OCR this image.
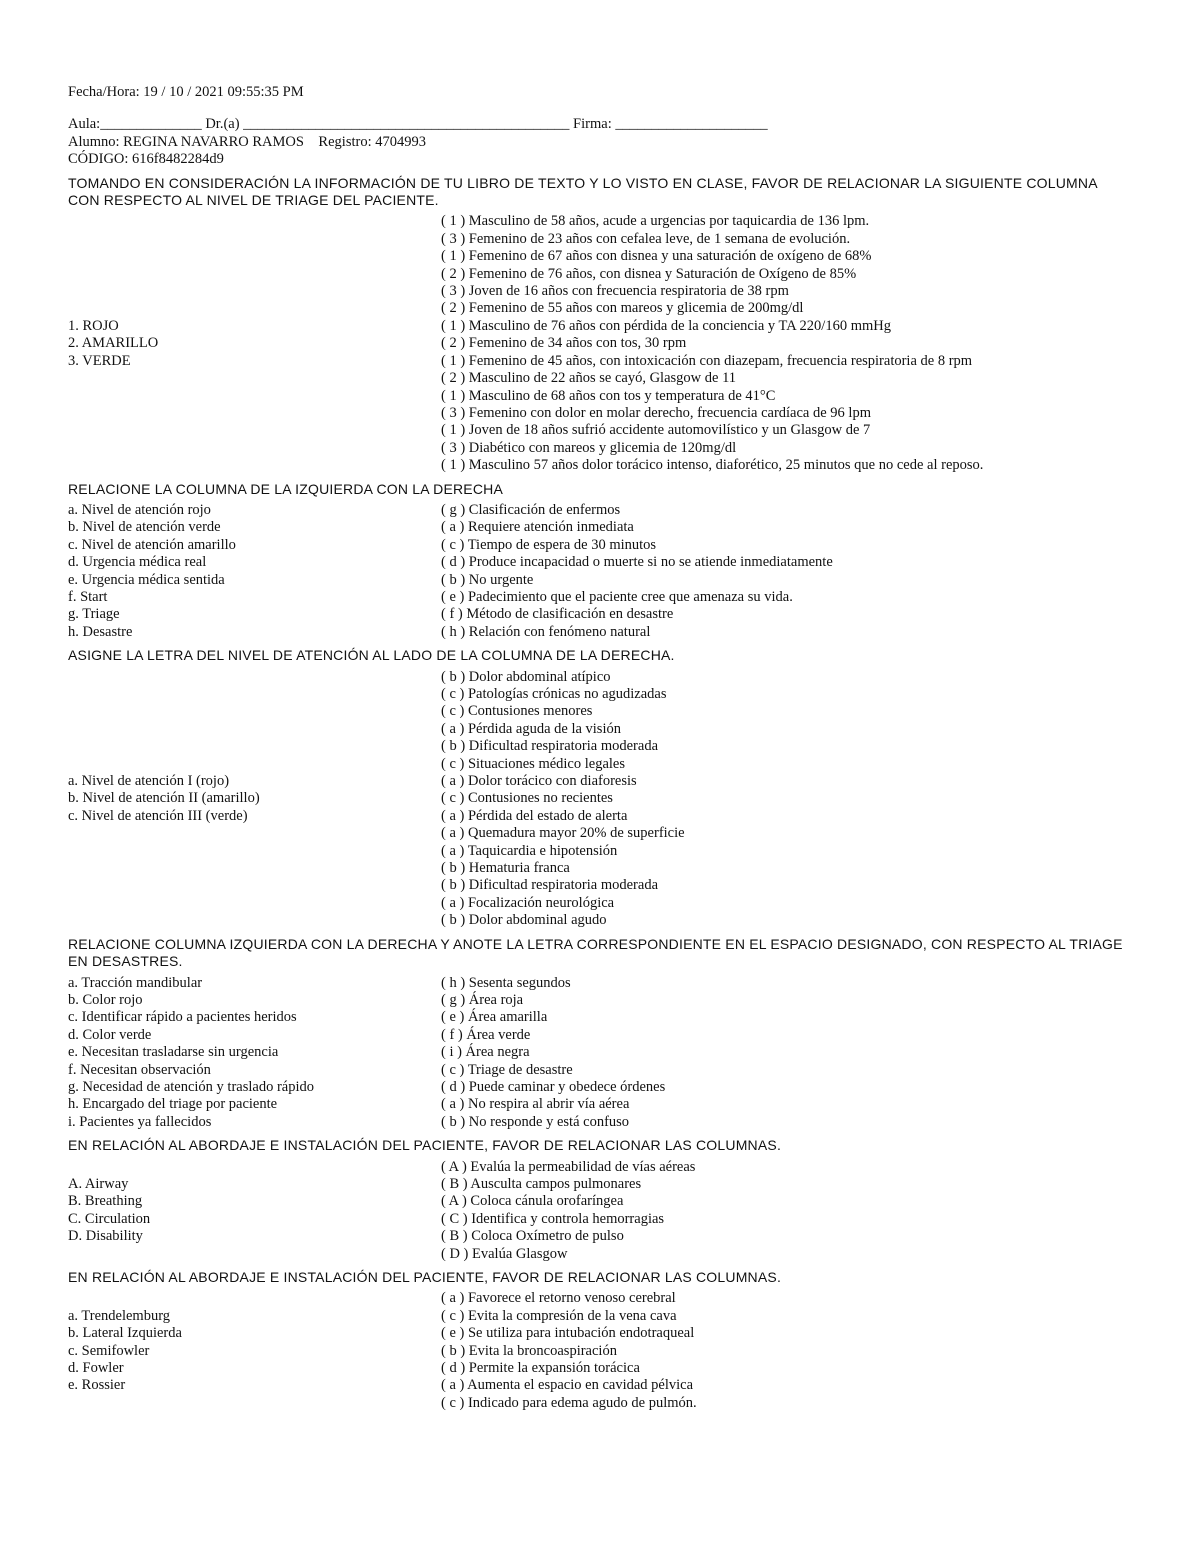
Fecha/Hora: 19 / 10 / 2021 09:55:35 PM
Aula:______________ Dr.(a) _____________________________________________ Firma: _____________________
Alumno: REGINA NAVARRO RAMOS    Registro: 4704993
CÓDIGO: 616f8482284d9
TOMANDO EN CONSIDERACIÓN LA INFORMACIÓN DE TU LIBRO DE TEXTO Y LO VISTO EN CLASE, FAVOR DE RELACIONAR LA SIGUIENTE COLUMNA CON RESPECTO AL NIVEL DE TRIAGE DEL PACIENTE.
1. ROJO
2. AMARILLO
3. VERDE
( 1 ) Masculino de 58 años, acude a urgencias por taquicardia de 136 lpm.
( 3 ) Femenino de 23 años con cefalea leve, de 1 semana de evolución.
( 1 ) Femenino de 67 años con disnea y una saturación de oxígeno de 68%
( 2 ) Femenino de 76 años, con disnea y Saturación de Oxígeno de 85%
( 3 ) Joven de 16 años con frecuencia respiratoria de 38 rpm
( 2 ) Femenino de 55 años con mareos y glicemia de 200mg/dl
( 1 ) Masculino de 76 años con pérdida de la conciencia y TA 220/160 mmHg
( 2 ) Femenino de 34 años con tos, 30 rpm
( 1 ) Femenino de 45 años, con intoxicación con diazepam, frecuencia respiratoria de 8 rpm
( 2 ) Masculino de 22 años se cayó, Glasgow de 11
( 1 ) Masculino de 68 años con tos y temperatura de 41°C
( 3 ) Femenino con dolor en molar derecho, frecuencia cardíaca de 96 lpm
( 1 ) Joven de 18 años sufrió accidente automovilístico y un Glasgow de 7
( 3 ) Diabético con mareos y glicemia de 120mg/dl
( 1 ) Masculino 57 años dolor torácico intenso, diaforético, 25 minutos que no cede al reposo.
RELACIONE LA COLUMNA DE LA IZQUIERDA CON LA DERECHA
a. Nivel de atención rojo
b. Nivel de atención verde
c. Nivel de atención amarillo
d. Urgencia médica real
e. Urgencia médica sentida
f. Start
g. Triage
h. Desastre
( g ) Clasificación de enfermos
( a ) Requiere atención inmediata
( c ) Tiempo de espera de 30 minutos
( d ) Produce incapacidad o muerte si no se atiende inmediatamente
( b ) No urgente
( e ) Padecimiento que el paciente cree que amenaza su vida.
( f ) Método de clasificación en desastre
( h ) Relación con fenómeno natural
ASIGNE LA LETRA DEL NIVEL DE ATENCIÓN AL LADO DE LA COLUMNA DE LA DERECHA.
a. Nivel de atención I (rojo)
b. Nivel de atención II (amarillo)
c. Nivel de atención III (verde)
( b ) Dolor abdominal atípico
( c ) Patologías crónicas no agudizadas
( c ) Contusiones menores
( a ) Pérdida aguda de la visión
( b ) Dificultad respiratoria moderada
( c ) Situaciones médico legales
( a ) Dolor torácico con diaforesis
( c ) Contusiones no recientes
( a ) Pérdida del estado de alerta
( a ) Quemadura mayor 20% de superficie
( a ) Taquicardia e hipotensión
( b ) Hematuria franca
( b ) Dificultad respiratoria moderada
( a ) Focalización neurológica
( b ) Dolor abdominal agudo
RELACIONE COLUMNA IZQUIERDA CON LA DERECHA Y ANOTE LA LETRA CORRESPONDIENTE EN EL ESPACIO DESIGNADO, CON RESPECTO AL TRIAGE EN DESASTRES.
a. Tracción mandibular
b. Color rojo
c. Identificar rápido a pacientes heridos
d. Color verde
e. Necesitan trasladarse sin urgencia
f. Necesitan observación
g. Necesidad de atención y traslado rápido
h. Encargado del triage por paciente
i. Pacientes ya fallecidos
( h ) Sesenta segundos
( g ) Área roja
( e ) Área amarilla
( f ) Área verde
( i ) Área negra
( c ) Triage de desastre
( d ) Puede caminar y obedece órdenes
( a ) No respira al abrir vía aérea
( b ) No responde y está confuso
EN RELACIÓN AL ABORDAJE E INSTALACIÓN DEL PACIENTE, FAVOR DE RELACIONAR LAS COLUMNAS.
A. Airway
B. Breathing
C. Circulation
D. Disability
( A ) Evalúa la permeabilidad de vías aéreas
( B ) Ausculta campos pulmonares
( A ) Coloca cánula orofaríngea
( C ) Identifica y controla hemorragias
( B ) Coloca Oxímetro de pulso
( D ) Evalúa Glasgow
EN RELACIÓN AL ABORDAJE E INSTALACIÓN DEL PACIENTE, FAVOR DE RELACIONAR LAS COLUMNAS.
a. Trendelemburg
b. Lateral Izquierda
c. Semifowler
d. Fowler
e. Rossier
( a ) Favorece el retorno venoso cerebral
( c ) Evita la compresión de la vena cava
( e ) Se utiliza para intubación endotraqueal
( b ) Evita la broncoaspiración
( d ) Permite la expansión torácica
( a ) Aumenta el espacio en cavidad pélvica
( c ) Indicado para edema agudo de pulmón.
